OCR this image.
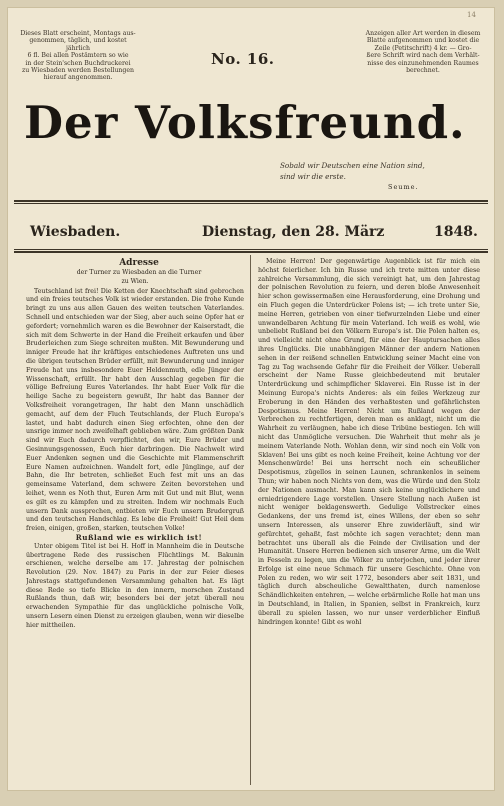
14
Dieses Blatt erscheint, Montags aus-
genommen, täglich, und kostet jährlich
6 fl. Bei allen Postämtern so wie
in der Stein'schen Buchdruckerei
zu Wiesbaden werden Bestellungen
hierauf angenommen.
No. 16.
Anzeigen aller Art werden in diesem
Blatte aufgenommen und kostet die
Zeile (Petitschrift) 4 kr. — Gro-
ßere Schrift wird nach dem Verhält-
nisse des einzunehmenden Raumes
berechnet.
Der Volksfreund.
Sobald wir Deutschen eine Nation sind,
sind wir die erste.
Seume.
Wiesbaden.	Dienstag, den 28. März	1848.

Adresse

der Turner zu Wiesbaden an die Turner
zu Wien.

Teutschland ist frei! Die Ketten der Knechtschaft sind gebrochen und ein freies teutsches Volk ist wieder erstanden. Die frohe Kunde bringt zu uns aus allen Gauen des weiten teutschen Vaterlandes. Schnell und entschieden war der Sieg, aber auch seine Opfer hat er gefordert; vornehmlich waren es die Bewohner der Kaiserstadt, die sich mit dem Schwerte in der Hand die Freiheit erkaufen und über Bruderleichen zum Siege schreiten mußten. Mit Bewunderung und inniger Freude hat ihr kräftiges entschiedenes Auftreten uns und die übrigen teutschen Brüder erfüllt, mit Bewunderung und inniger Freude hat uns insbesondere Euer Heldenmuth, edle Jünger der Wissenschaft, erfüllt. Ihr habt den Ausschlag gegeben für die völlige Befreiung Eures Vaterlandes. Ihr habt Euer Volk für die heilige Sache zu begeistern gewußt, Ihr habt das Banner der Volksfreiheit vorangetragen, Ihr habt den Mann unschädlich gemacht, auf dem der Fluch Teutschlands, der Fluch Europa's lastet, und habt dadurch einen Sieg erfochten, ohne den der unsrige immer noch zweifelhaft geblieben wäre. Zum größten Dank sind wir Euch dadurch verpflichtet, den wir, Eure Brüder und Gesinnungsgenossen, Euch hier darbringen. Die Nachwelt wird Euer Andenken segnen und die Geschichte mit Flammenschrift Eure Namen aufzeichnen. Wandelt fort, edle Jünglinge, auf der Bahn, die Ihr betreten, schließet Euch fest mit uns an das gemeinsame Vaterland, dem schwere Zeiten bevorstehen und leihet, wenn es Noth thut, Euren Arm mit Gut und mit Blut, wenn es gilt es zu kämpfen und zu streiten. Indem wir nochmals Euch unsern Dank aussprechen, entbieten wir Euch unsern Brudergruß und den teutschen Handschlag. Es lebe die Freiheit! Gut Heil dem freien, einigen, großen, starken, teutschen Volke!

Rußland wie es wirklich ist!

Unter obigem Titel ist bei H. Hoff in Mannheim die in Deutsche übertragene Rede des russischen Flüchtlings M. Bakunin erschienen, welche derselbe am 17. Jahrestag der polnischen Revolution (29. Nov. 1847) zu Paris in der zur Feier dieses Jahrestags stattgefundenen Versammlung gehalten hat. Es lägt diese Rede so tiefe Blicke in den innern, morschen Zustand Rußlands thun, daß wir, besonders bei der jetzt überall neu erwachenden Sympathie für das unglückliche polnische Volk, unsern Lesern einen Dienst zu erzeigen glauben, wenn wir dieselbe hier mittheilen.

Meine Herren! Der gegenwärtige Augenblick ist für mich ein höchst feierlicher. Ich bin Russe und ich trete mitten unter diese zahlreiche Versammlung, die sich vereinigt hat, um den Jahrestag der polnischen Revolution zu feiern, und deren bloße Anwesenheit hier schon gewissermaßen eine Herausforderung, eine Drohung und ein Fluch gegen die Unterdrücker Polens ist; — ich trete unter Sie, meine Herren, getrieben von einer tiefwurzelnden Liebe und einer unwandelbaren Achtung für mein Vaterland. Ich weiß es wohl, wie unbeliebt Rußland bei den Völkern Europa's ist. Die Polen halten es, und vielleicht nicht ohne Grund, für eine der Hauptursachen alles ihres Unglücks. Die unabhängigen Männer der andern Nationen sehen in der reißend schnellen Entwicklung seiner Macht eine von Tag zu Tag wachsende Gefahr für die Freiheit der Völker. Ueberall erscheint der Name Russe gleichbedeutend mit brutaler Unterdrückung und schimpflicher Sklaverei. Ein Russe ist in der Meinung Europa's nichts Anderes: als ein feiles Werkzeug zur Eroberung in den Händen des verhaßtesten und gefährlichsten Despotismus. Meine Herren! Nicht um Rußland wegen der Verbrechen zu rechtfertigen, deren man es anklagt, nicht um die Wahrheit zu verläugnen, habe ich diese Tribüne bestiegen. Ich will nicht das Unmögliche versuchen. Die Wahrheit thut mehr als je meinem Vaterlande Noth. Wohlan denn, wir sind noch ein Volk von Sklaven! Bei uns gibt es noch keine Freiheit, keine Achtung vor der Menschenwürde! Bei uns herrscht noch ein scheußlicher Despotismus, zügellos in seinen Launen, schrankenlos in seinem Thun; wir haben noch Nichts von dem, was die Würde und den Stolz der Nationen ausmacht. Man kann sich keine unglücklichere und erniedrigendere Lage vorstellen. Unsere Stellung nach Außen ist nicht weniger beklagenswerth. Gedulige Vollstrecker eines Gedankens, der uns fremd ist, eines Willens, der eben so sehr unsern Interessen, als unserer Ehre zuwiderläuft, sind wir gefürchtet, gehaßt, fast möchte ich sagen verachtet; denn man betrachtet uns überall als die Feinde der Civilisation und der Humanität. Unsere Herren bedienen sich unserer Arme, um die Welt in Fesseln zu legen, um die Völker zu unterjochen, und jeder ihrer Erfolge ist eine neue Schmach für unsere Geschichte. Ohne von Polen zu reden, wo wir seit 1772, besonders aber seit 1831, und täglich durch abscheuliche Gewaltthaten, durch namenlose Schändlichkeiten entehren, — welche erbärmliche Rolle hat man uns in Deutschland, in Italien, in Spanien, selbst in Frankreich, kurz überall zu spielen lassen, wo nur unser verderblicher Einfluß hindringen konnte! Gibt es wohl
